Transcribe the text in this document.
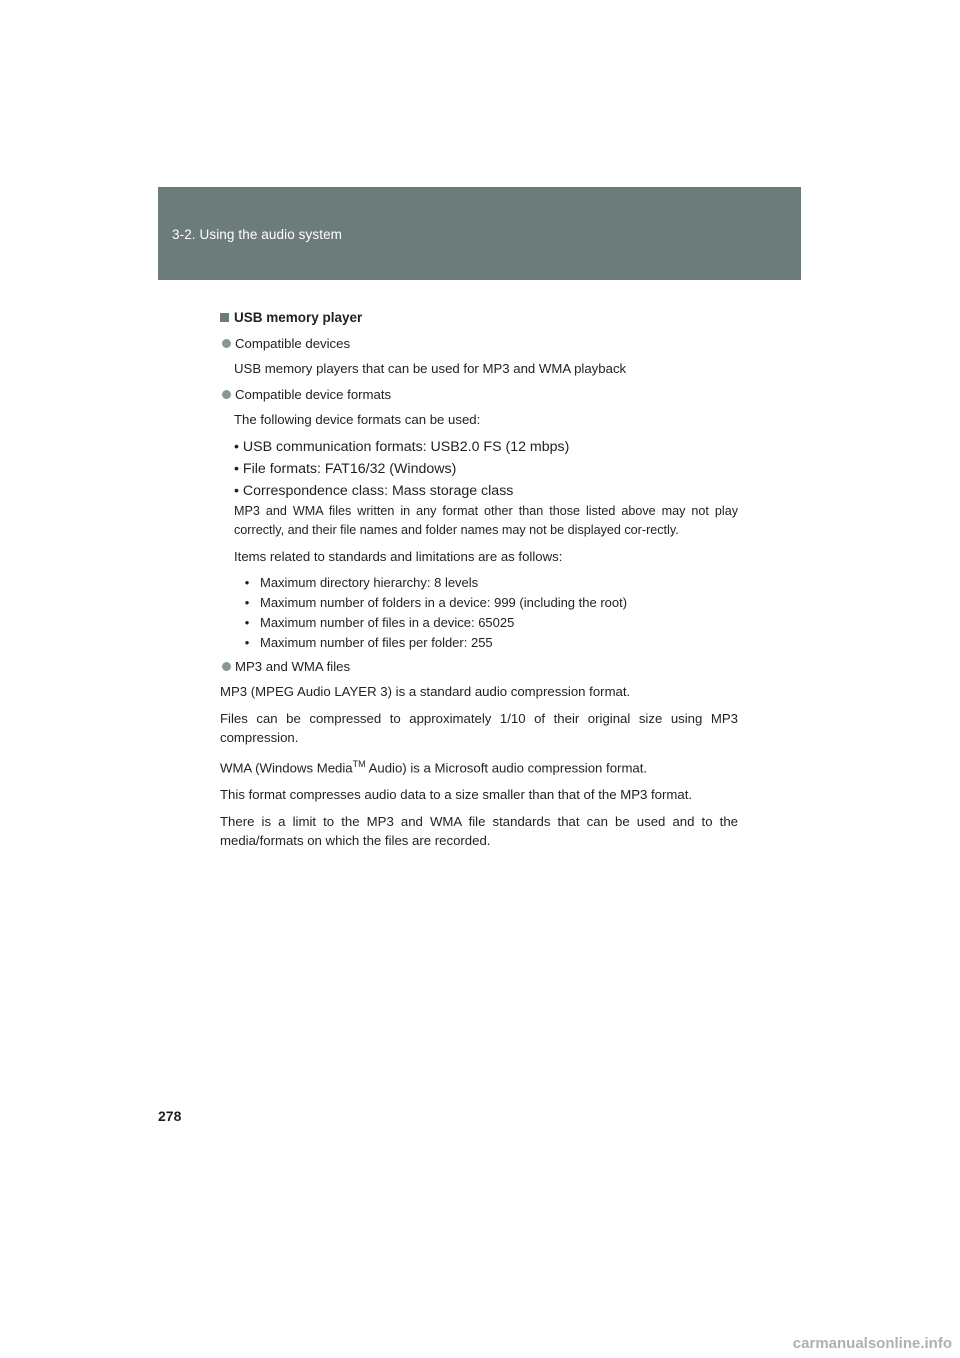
3-2. Using the audio system
USB memory player
Compatible devices
USB memory players that can be used for MP3 and WMA playback
Compatible device formats
The following device formats can be used:
• USB communication formats: USB2.0 FS (12 mbps)
• File formats: FAT16/32 (Windows)
• Correspondence class: Mass storage class
MP3 and WMA files written in any format other than those listed above may not play correctly, and their file names and folder names may not be displayed cor-rectly.
Items related to standards and limitations are as follows:
• Maximum directory hierarchy: 8 levels
• Maximum number of folders in a device: 999 (including the root)
• Maximum number of files in a device: 65025
• Maximum number of files per folder: 255
MP3 and WMA files
MP3 (MPEG Audio LAYER 3) is a standard audio compression format.
Files can be compressed to approximately 1/10 of their original size using MP3 compression.
WMA (Windows Media™ Audio) is a Microsoft audio compression format.
This format compresses audio data to a size smaller than that of the MP3 format.
There is a limit to the MP3 and WMA file standards that can be used and to the media/formats on which the files are recorded.
278
carmanualsonline.info
